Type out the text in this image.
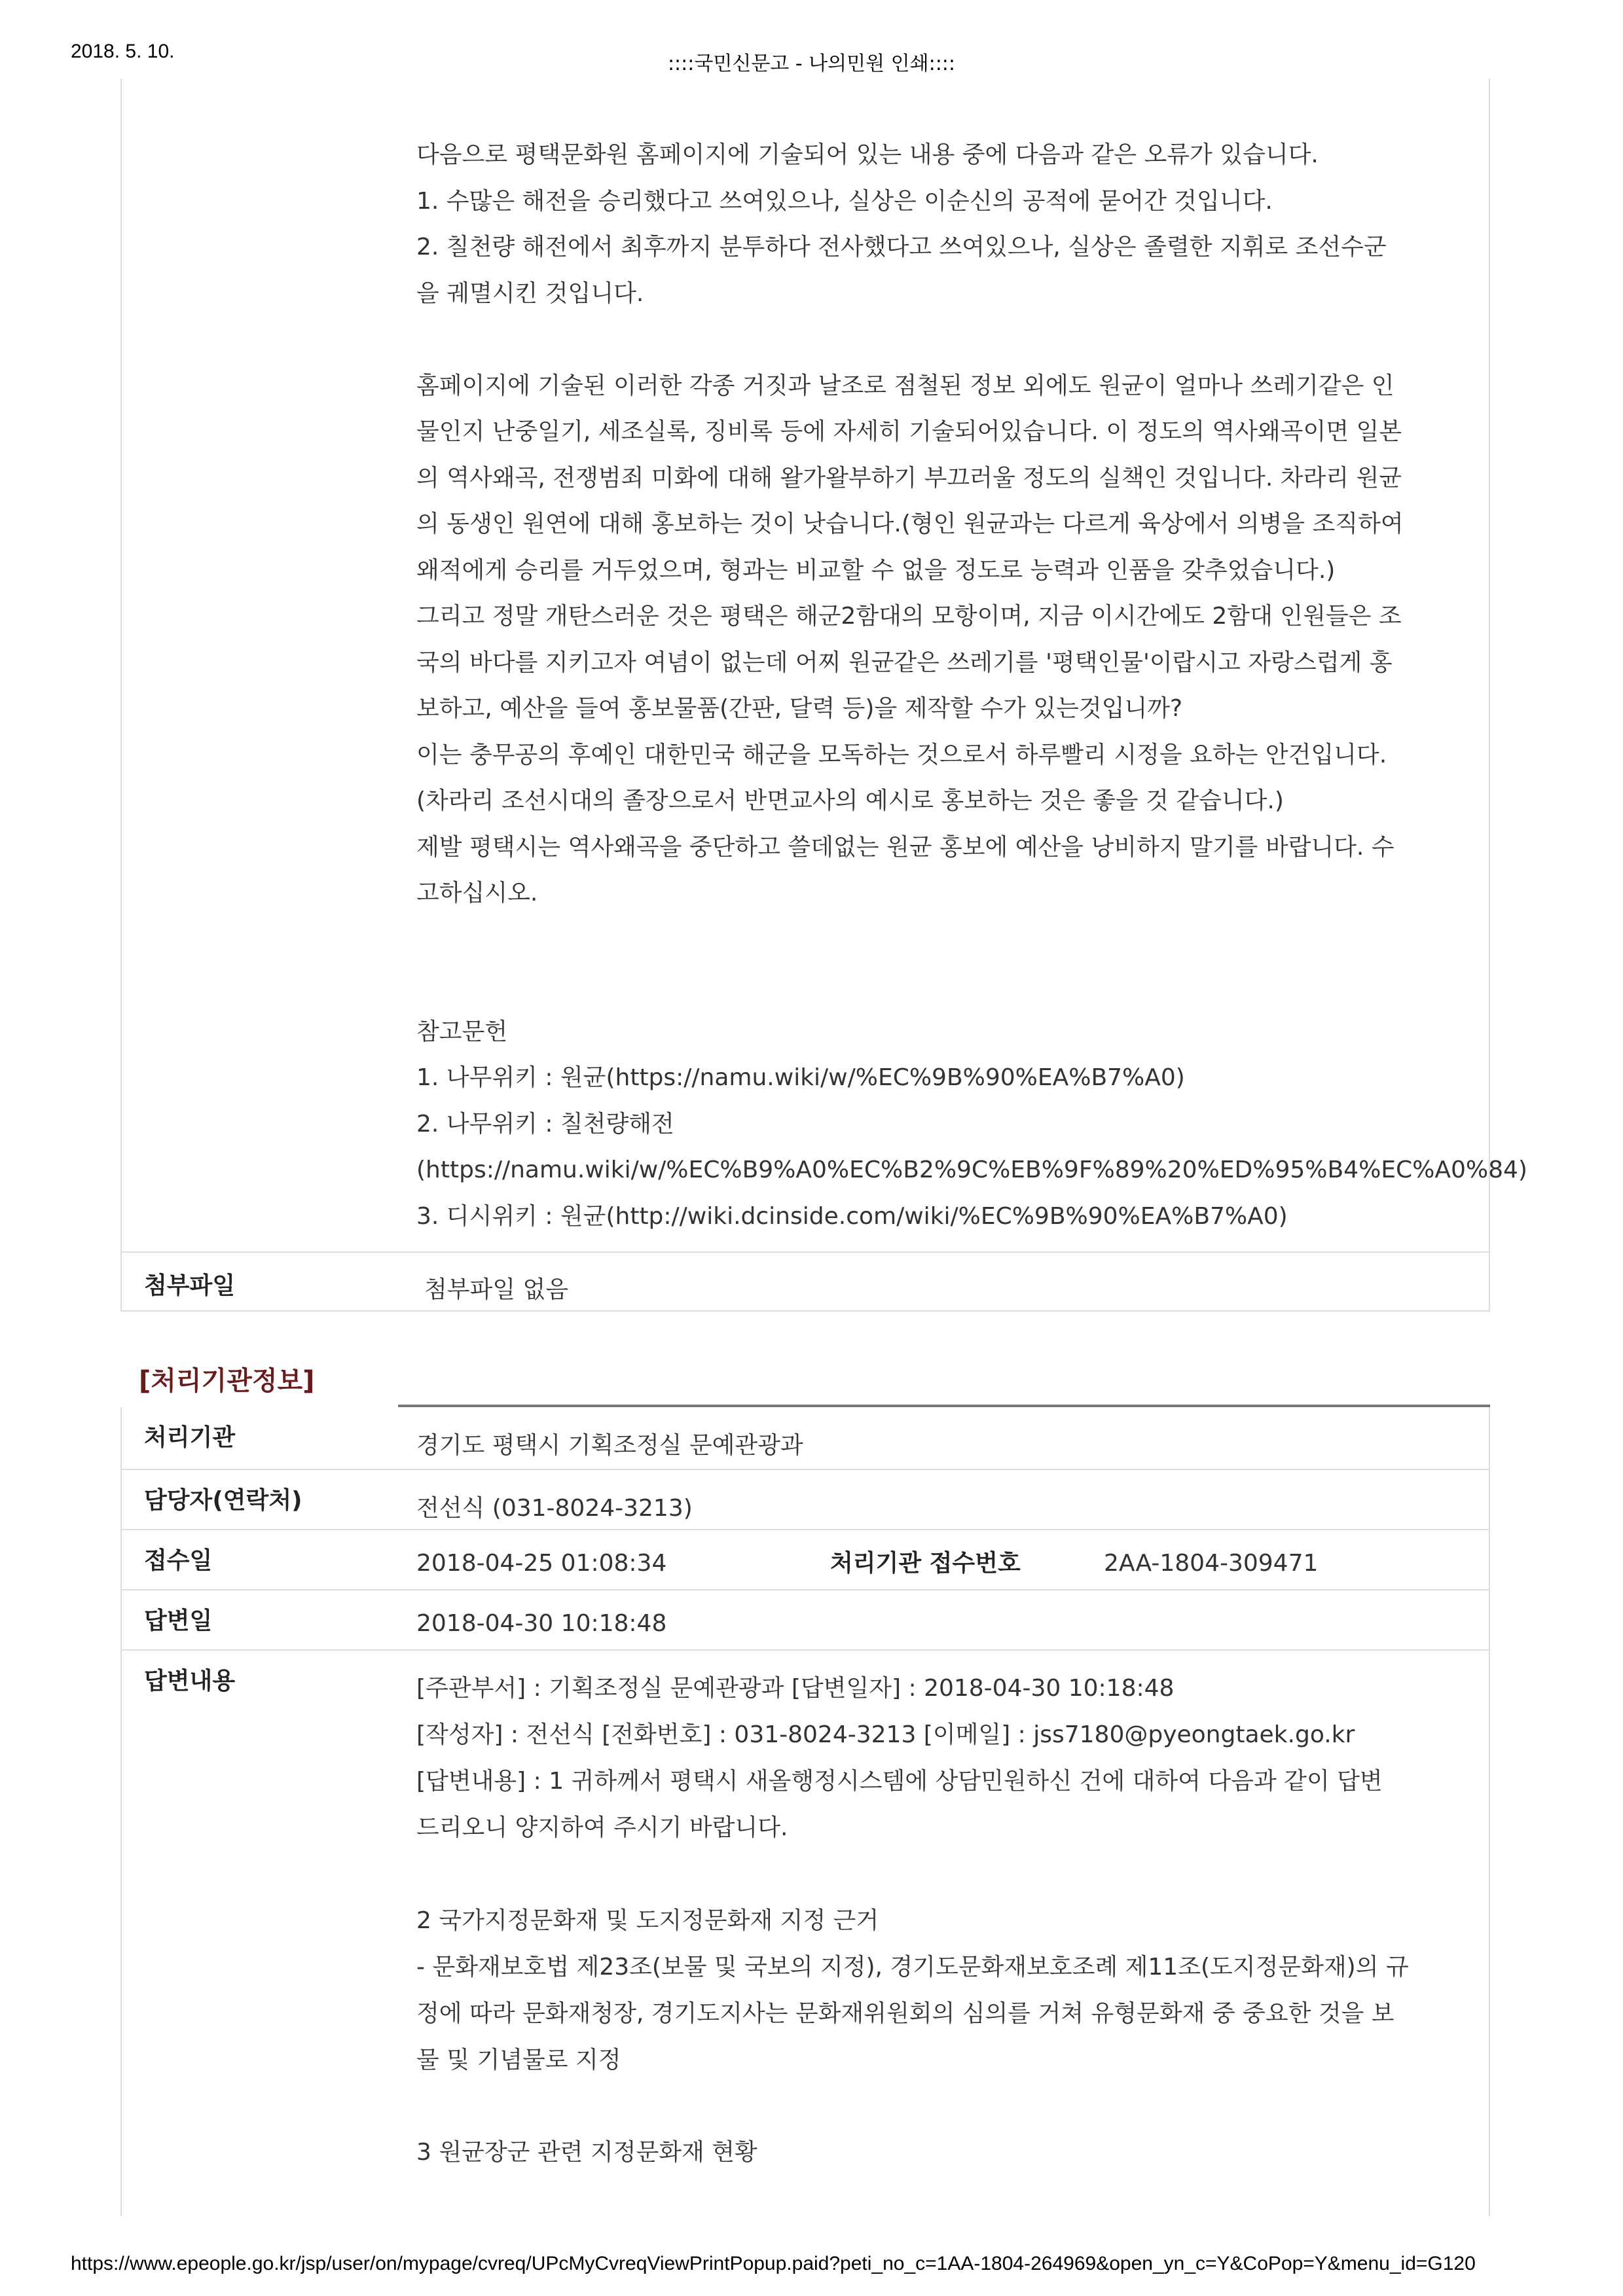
2018. 5. 10.
::::국민신문고 - 나의민원 인쇄::::

다음으로 평택문화원 홈페이지에 기술되어 있는 내용 중에 다음과 같은 오류가 있습니다.

1. 수많은 해전을 승리했다고 쓰여있으나, 실상은 이순신의 공적에 묻어간 것입니다.

2. 칠천량 해전에서 최후까지 분투하다 전사했다고 쓰여있으나, 실상은 졸렬한 지휘로 조선수군

을 궤멸시킨 것입니다.

홈페이지에 기술된 이러한 각종 거짓과 날조로 점철된 정보 외에도 원균이 얼마나 쓰레기같은 인

물인지 난중일기, 세조실록, 징비록 등에 자세히 기술되어있습니다. 이 정도의 역사왜곡이면 일본

의 역사왜곡, 전쟁범죄 미화에 대해 왈가왈부하기 부끄러울 정도의 실책인 것입니다. 차라리 원균

의 동생인 원연에 대해 홍보하는 것이 낫습니다.(형인 원균과는 다르게 육상에서 의병을 조직하여

왜적에게 승리를 거두었으며, 형과는 비교할 수 없을 정도로 능력과 인품을 갖추었습니다.)

그리고 정말 개탄스러운 것은 평택은 해군2함대의 모항이며, 지금 이시간에도 2함대 인원들은 조

국의 바다를 지키고자 여념이 없는데 어찌 원균같은 쓰레기를 '평택인물'이랍시고 자랑스럽게 홍

보하고, 예산을 들여 홍보물품(간판, 달력 등)을 제작할 수가 있는것입니까?

이는 충무공의 후예인 대한민국 해군을 모독하는 것으로서 하루빨리 시정을 요하는 안건입니다.

(차라리 조선시대의 졸장으로서 반면교사의 예시로 홍보하는 것은 좋을 것 같습니다.)

제발 평택시는 역사왜곡을 중단하고 쓸데없는 원균 홍보에 예산을 낭비하지 말기를 바랍니다. 수

고하십시오.

참고문헌

1. 나무위키 : 원균(https://namu.wiki/w/%EC%9B%90%EA%B7%A0)

2. 나무위키 : 칠천량해전

(https://namu.wiki/w/%EC%B9%A0%EC%B2%9C%EB%9F%89%20%ED%95%B4%EC%A0%84)

3. 디시위키 : 원균(http://wiki.dcinside.com/wiki/%EC%9B%90%EA%B7%A0)

첨부파일	첨부파일 없음
[처리기관정보]
처리기관	경기도 평택시 기획조정실 문예관광과
담당자(연락처)	전선식 (031-8024-3213)
접수일	2018-04-25 01:08:34	처리기관 접수번호	2AA-1804-309471
답변일	2018-04-30 10:18:48
답변내용	[주관부서] : 기획조정실 문예관광과 [답변일자] : 2018-04-30 10:18:48

[작성자] : 전선식 [전화번호] : 031-8024-3213 [이메일] : jss7180@pyeongtaek.go.kr

[답변내용] : 1 귀하께서 평택시 새올행정시스템에 상담민원하신 건에 대하여 다음과 같이 답변

드리오니 양지하여 주시기 바랍니다.

2 국가지정문화재 및 도지정문화재 지정 근거

- 문화재보호법 제23조(보물 및 국보의 지정), 경기도문화재보호조례 제11조(도지정문화재)의 규

정에 따라 문화재청장, 경기도지사는 문화재위원회의 심의를 거쳐 유형문화재 중 중요한 것을 보

물 및 기념물로 지정

3 원균장군 관련 지정문화재 현황

https://www.epeople.go.kr/jsp/user/on/mypage/cvreq/UPcMyCvreqViewPrintPopup.paid?peti_no_c=1AA-1804-264969&open_yn_c=Y&CoPop=Y&menu_id=G120
